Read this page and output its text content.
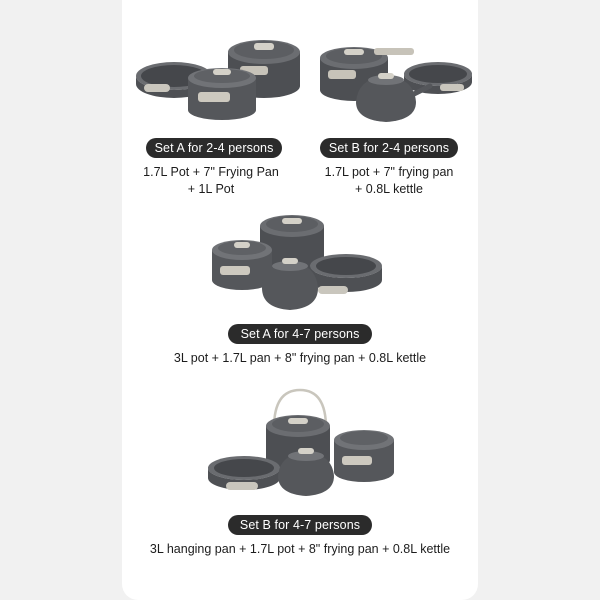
Set A for 2-4 persons
1.7L Pot + 7" Frying Pan
+ 1L Pot
Set B for 2-4 persons
1.7L pot + 7" frying pan
+ 0.8L kettle
Set A for 4-7 persons
3L pot + 1.7L pan + 8" frying pan + 0.8L kettle
Set B for 4-7 persons
3L hanging pan + 1.7L pot + 8" frying pan + 0.8L kettle
